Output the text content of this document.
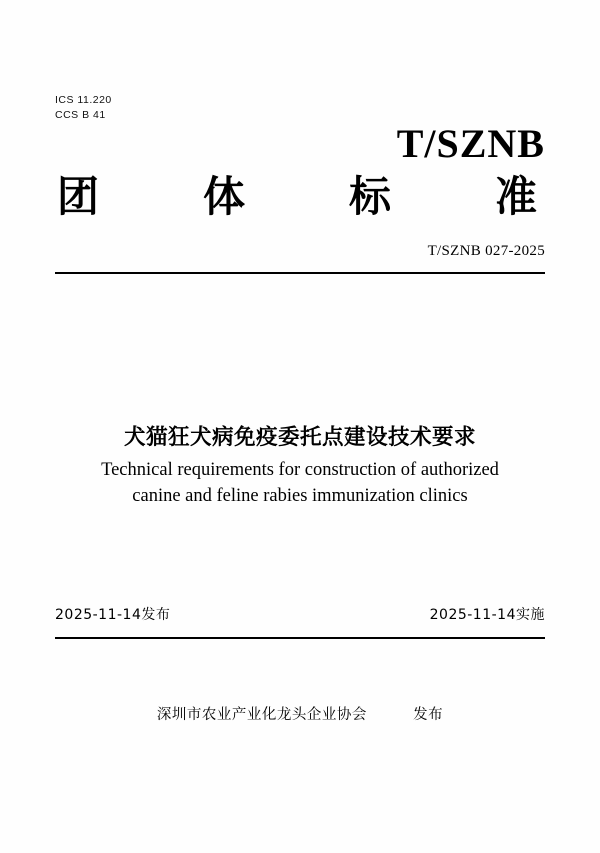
ICS 11.220
CCS B 41
T/SZNB
团 体 标 准
T/SZNB 027-2025
犬猫狂犬病免疫委托点建设技术要求
Technical requirements for construction of authorized
canine and feline rabies immunization clinics
2025-11-14发布	2025-11-14实施
深圳市农业产业化龙头企业协会	发布
